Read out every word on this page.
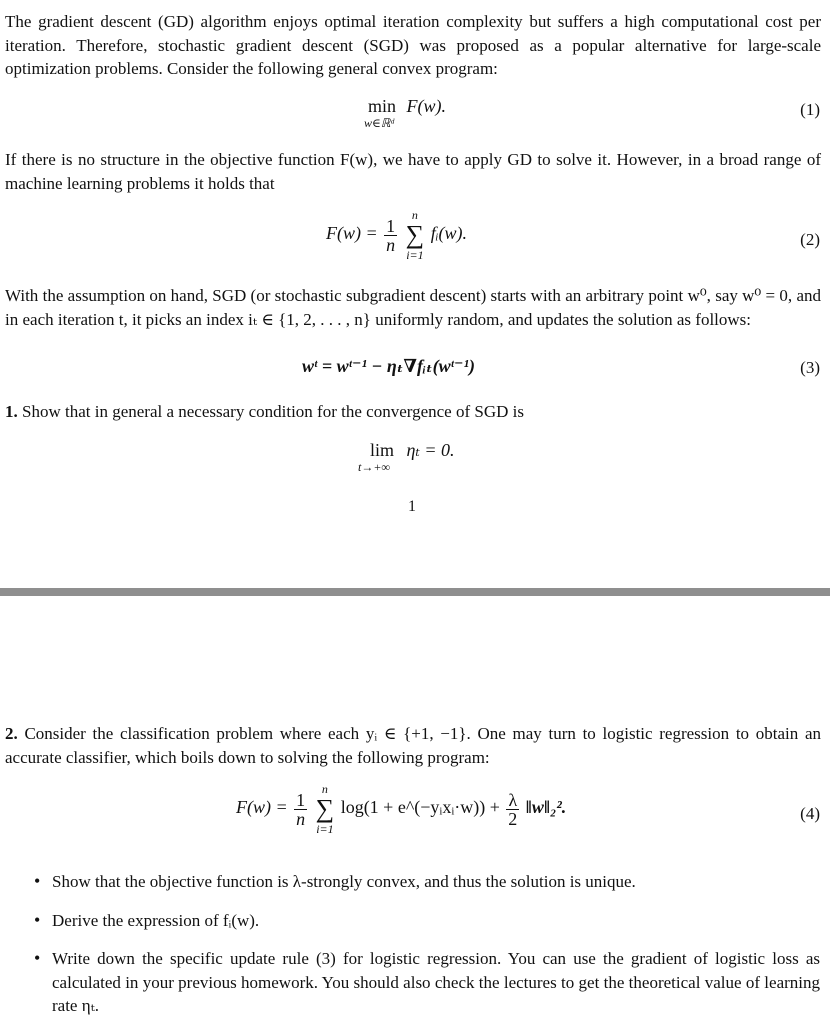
The gradient descent (GD) algorithm enjoys optimal iteration complexity but suffers a high computational cost per iteration. Therefore, stochastic gradient descent (SGD) was proposed as a popular alternative for large-scale optimization problems. Consider the following general convex program:
min F(w).
w∈ℝᵈ
(1)
If there is no structure in the objective function F(w), we have to apply GD to solve it. However, in a broad range of machine learning problems it holds that
$F(w) = \frac{1}{n}$

n
∑
i=1
fᵢ(w).	(2)
With the assumption on hand, SGD (or stochastic subgradient descent) starts with an arbitrary point w⁰, say w⁰ = 0, and in each iteration t, it picks an index iₜ ∈ {1, 2, . . . , n} uniformly random, and updates the solution as follows:
wᵗ = wᵗ⁻¹ − ηₜ∇fᵢₜ(wᵗ⁻¹)	(3)
1. Show that in general a necessary condition for the convergence of SGD is
lim ηₜ = 0.
t→+∞
1
2. Consider the classification problem where each yᵢ ∈ {+1, −1}. One may turn to logistic regression to obtain an accurate classifier, which boils down to solving the following program:
$F(w) = \frac{1}{n}$

n
∑
i=1
log(1 + e^(−yᵢxᵢ·w)) + $\frac{\lambda}{2}$ ‖w‖₂².	(4)
• Show that the objective function is λ-strongly convex, and thus the solution is unique.
• Derive the expression of fᵢ(w).
• Write down the specific update rule (3) for logistic regression. You can use the gradient of logistic loss as calculated in your previous homework. You should also check the lectures to get the theoretical value of learning rate ηₜ.
